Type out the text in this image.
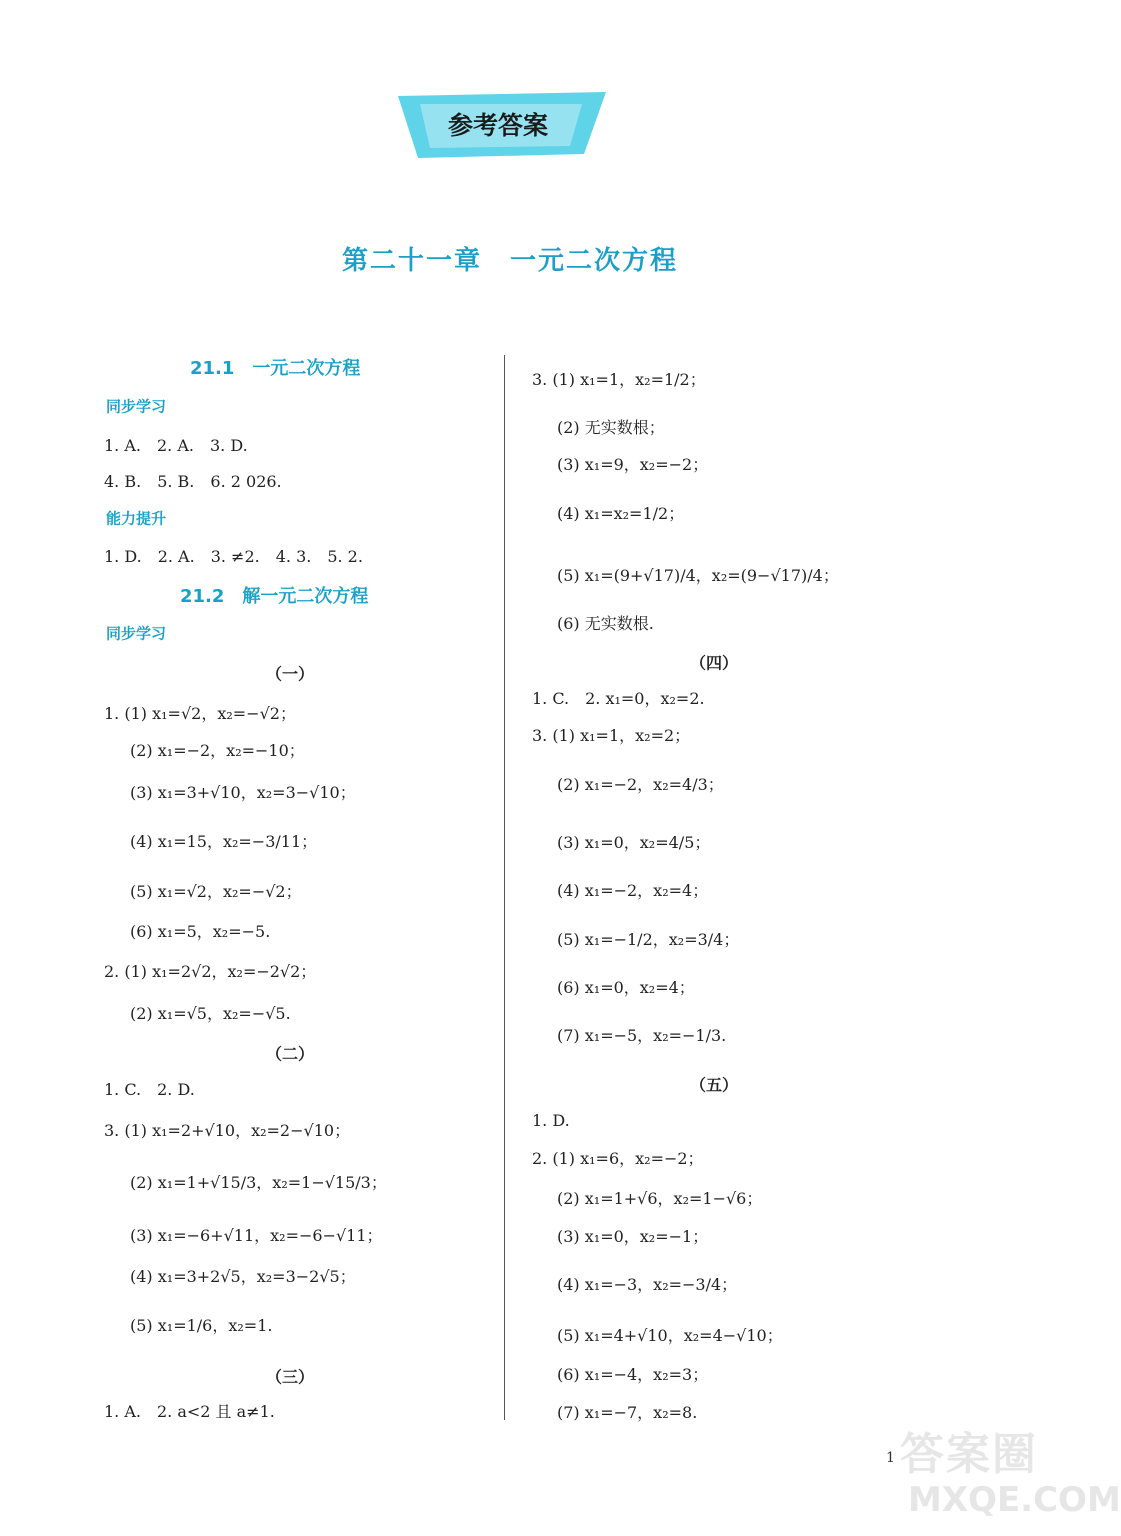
参考答案
第二十一章　一元二次方程
21.1　一元二次方程
同步学习
1. A.　2. A.　3. D.
4. B.　5. B.　6. 2 026.
能力提升
1. D.　2. A.　3. ≠2.　4. 3.　5. 2.
21.2　解一元二次方程
同步学习
（一）
1. (1) x₁=√2，x₂=−√2；
(2) x₁=−2，x₂=−10；
(3) x₁=3+√10，x₂=3−√10；
(4) x₁=15，x₂=−3/11；
(5) x₁=√2，x₂=−√2；
(6) x₁=5，x₂=−5.
2. (1) x₁=2√2，x₂=−2√2；
(2) x₁=√5，x₂=−√5.
（二）
1. C.　2. D.
3. (1) x₁=2+√10，x₂=2−√10；
(2) x₁=1+√15/3，x₂=1−√15/3；
(3) x₁=−6+√11，x₂=−6−√11；
(4) x₁=3+2√5，x₂=3−2√5；
(5) x₁=1/6，x₂=1.
（三）
1. A.　2. a<2 且 a≠1.
3. (1) x₁=1，x₂=1/2；
(2) 无实数根；
(3) x₁=9，x₂=−2；
(4) x₁=x₂=1/2；
(5) x₁=(9+√17)/4，x₂=(9−√17)/4；
(6) 无实数根.
（四）
1. C.　2. x₁=0，x₂=2.
3. (1) x₁=1，x₂=2；
(2) x₁=−2，x₂=4/3；
(3) x₁=0，x₂=4/5；
(4) x₁=−2，x₂=4；
(5) x₁=−1/2，x₂=3/4；
(6) x₁=0，x₂=4；
(7) x₁=−5，x₂=−1/3.
（五）
1. D.
2. (1) x₁=6，x₂=−2；
(2) x₁=1+√6，x₂=1−√6；
(3) x₁=0，x₂=−1；
(4) x₁=−3，x₂=−3/4；
(5) x₁=4+√10，x₂=4−√10；
(6) x₁=−4，x₂=3；
(7) x₁=−7，x₂=8.
1 答案圈
MXQE.COM
